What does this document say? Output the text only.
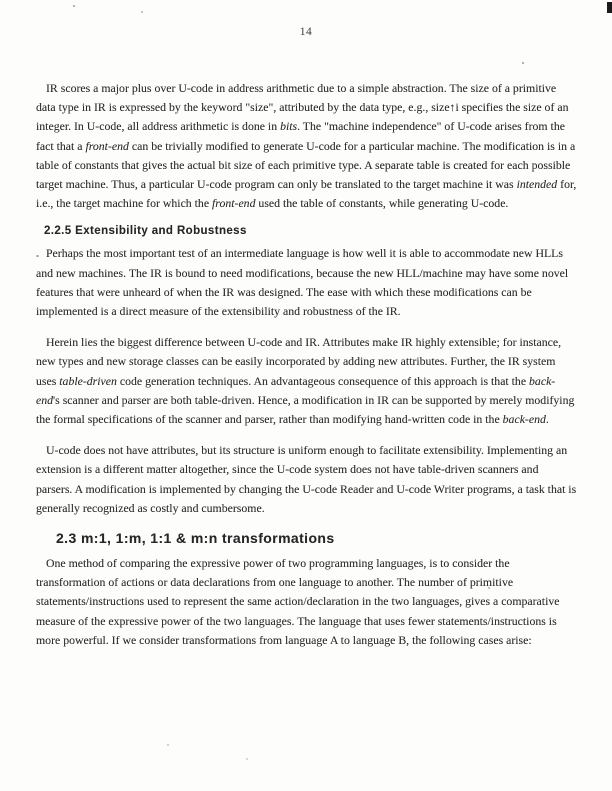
14

IR scores a major plus over U-code in address arithmetic due to a simple abstraction. The size of a primitive data type in IR is expressed by the keyword "size", attributed by the data type, e.g., size↑i specifies the size of an integer. In U-code, all address arithmetic is done in bits. The "machine independence" of U-code arises from the fact that a front-end can be trivially modified to generate U-code for a particular machine. The modification is in a table of constants that gives the actual bit size of each primitive type. A separate table is created for each possible target machine. Thus, a particular U-code program can only be translated to the target machine it was intended for, i.e., the target machine for which the front-end used the table of constants, while generating U-code.

2.2.5 Extensibility and Robustness

Perhaps the most important test of an intermediate language is how well it is able to accommodate new HLLs and new machines. The IR is bound to need modifications, because the new HLL/machine may have some novel features that were unheard of when the IR was designed. The ease with which these modifications can be implemented is a direct measure of the extensibility and robustness of the IR.

Herein lies the biggest difference between U-code and IR. Attributes make IR highly extensible; for instance, new types and new storage classes can be easily incorporated by adding new attributes. Further, the IR system uses table-driven code generation techniques. An advantageous consequence of this approach is that the back-end's scanner and parser are both table-driven. Hence, a modification in IR can be supported by merely modifying the formal specifications of the scanner and parser, rather than modifying hand-written code in the back-end.

U-code does not have attributes, but its structure is uniform enough to facilitate extensibility. Implementing an extension is a different matter altogether, since the U-code system does not have table-driven scanners and parsers. A modification is implemented by changing the U-code Reader and U-code Writer programs, a task that is generally recognized as costly and cumbersome.

2.3 m:1, 1:m, 1:1 & m:n transformations

One method of comparing the expressive power of two programming languages, is to consider the transformation of actions or data declarations from one language to another. The number of primitive statements/instructions used to represent the same action/declaration in the two languages, gives a comparative measure of the expressive power of the two languages. The language that uses fewer statements/instructions is more powerful. If we consider transformations from language A to language B, the following cases arise:
